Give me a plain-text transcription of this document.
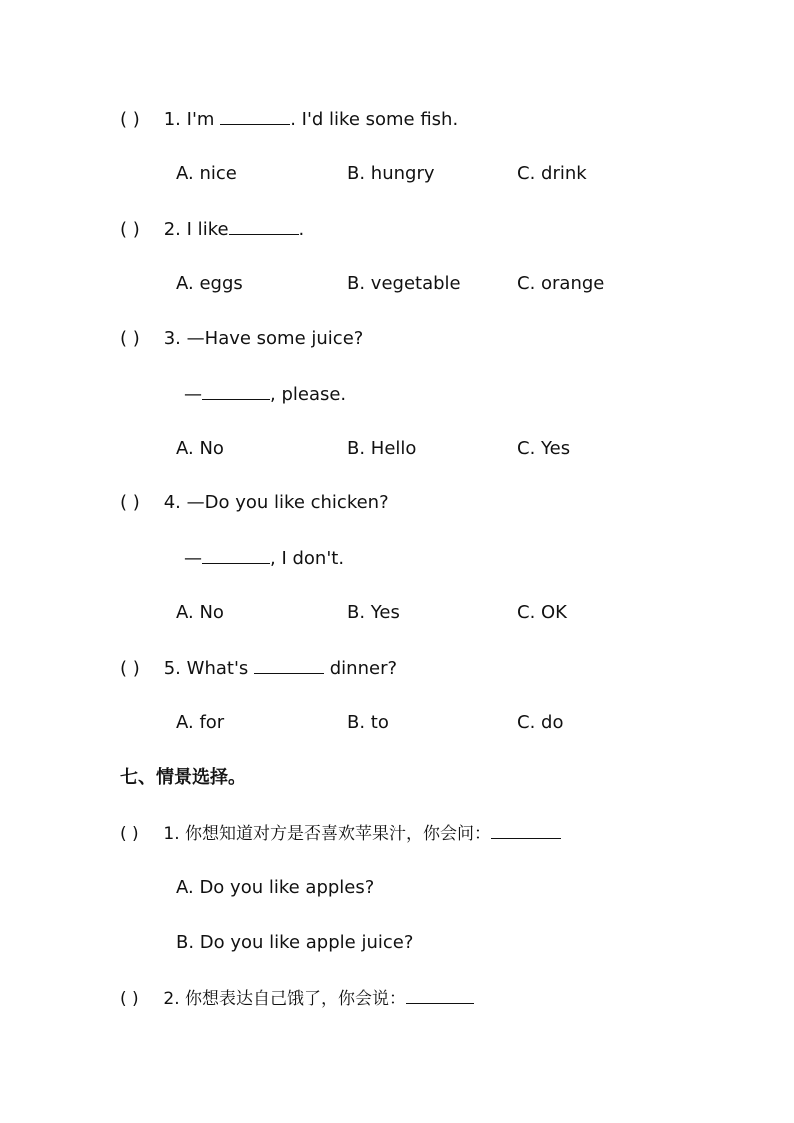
( ) 1. I'm	. I'd like some fish.
A. nice	B. hungry	C. drink
( ) 2. I like	.
A. eggs	B. vegetable	C. orange
( ) 3. —Have some juice?
—	, please.
A. No	B. Hello	C. Yes
( ) 4. —Do you like chicken?
—	, I don't.
A. No	B. Yes	C. OK
( ) 5. What's	dinner?
A. for	B. to	C. do
七、情景选择。
( ) 1. 你想知道对方是否喜欢苹果汁，你会问：
A. Do you like apples?
B. Do you like apple juice?
( ) 2. 你想表达自己饿了，你会说：
